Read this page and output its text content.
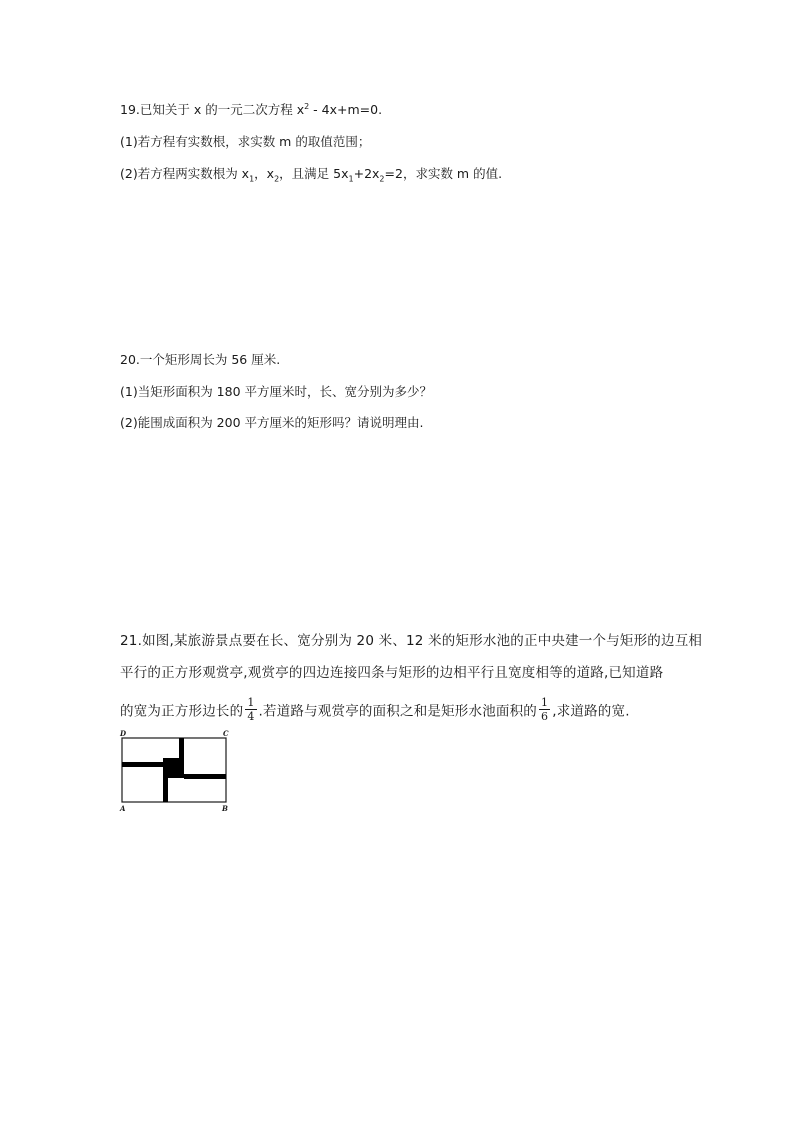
19.已知关于 x 的一元二次方程 $x^2 - 4x+m=0$.
(1)若方程有实数根，求实数 m 的取值范围；
(2)若方程两实数根为 $x_1$，$x_2$，且满足 $5x_1+2x_2=2$，求实数 m 的值.
20.一个矩形周长为 56 厘米.
(1)当矩形面积为 180 平方厘米时，长、宽分别为多少？
(2)能围成面积为 200 平方厘米的矩形吗？请说明理由.
21.如图,某旅游景点要在长、宽分别为 20 米、12 米的矩形水池的正中央建一个与矩形的边互相
平行的正方形观赏亭,观赏亭的四边连接四条与矩形的边相平行且宽度相等的道路,已知道路
的宽为正方形边长的 $\frac{1}{4}$ .若道路与观赏亭的面积之和是矩形水池面积的 $\frac{1}{6}$ ,求道路的宽.
D	C
A	B
